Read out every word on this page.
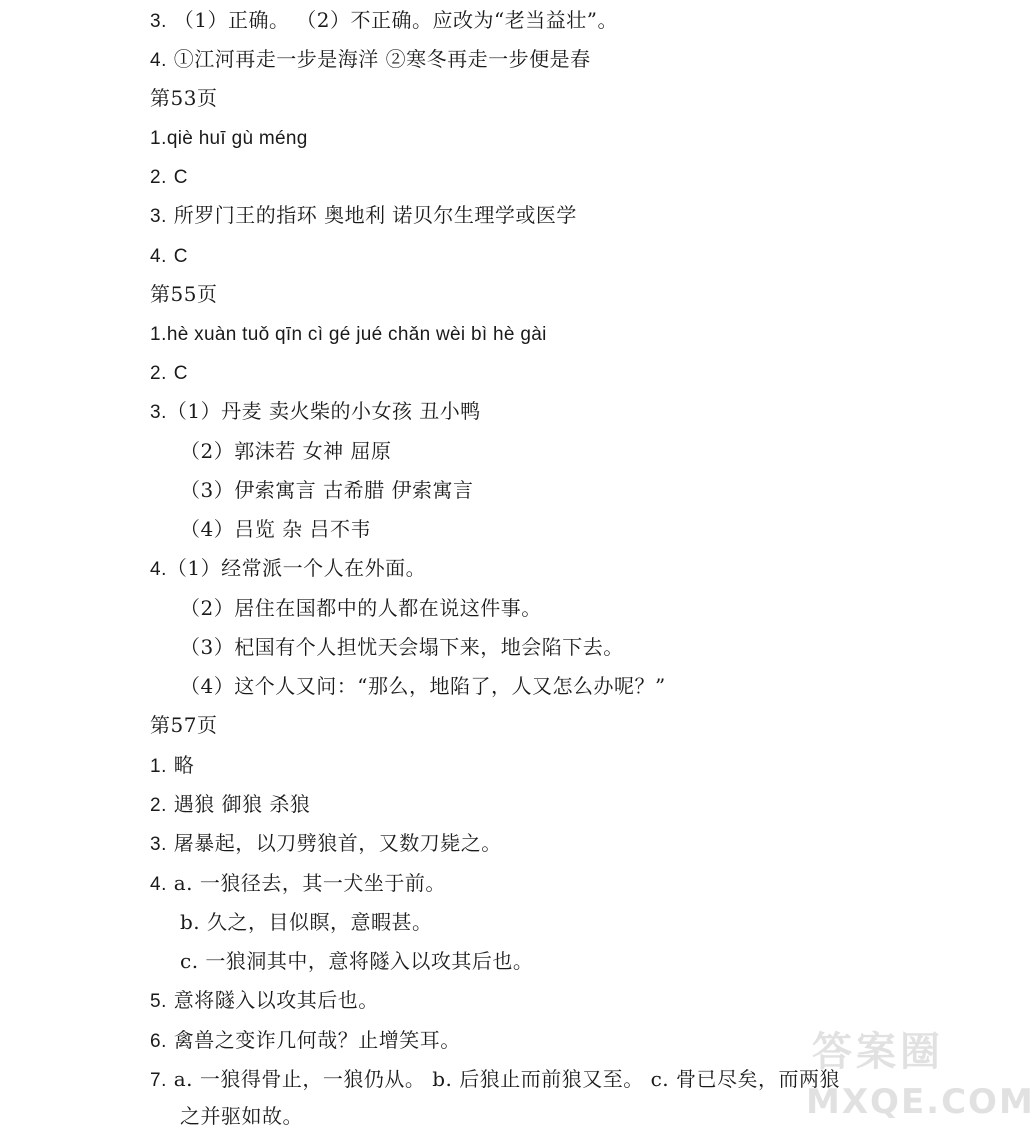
3. （1）正确。 （2）不正确。应改为“老当益壮”。
4. ①江河再走一步是海洋 ②寒冬再走一步便是春
第53页
1.qiè huī gù méng
2. C
3. 所罗门王的指环 奥地利 诺贝尔生理学或医学
4. C
第55页
1.hè xuàn tuǒ qīn cì gé jué chǎn wèi bì hè gài
2. C
3.（1）丹麦 卖火柴的小女孩 丑小鸭
（2）郭沫若 女神 屈原
（3）伊索寓言 古希腊 伊索寓言
（4）吕览 杂 吕不韦
4.（1）经常派一个人在外面。
（2）居住在国都中的人都在说这件事。
（3）杞国有个人担忧天会塌下来，地会陷下去。
（4）这个人又问：“那么，地陷了，人又怎么办呢？”
第57页
1. 略
2. 遇狼 御狼 杀狼
3. 屠暴起，以刀劈狼首，又数刀毙之。
4. a. 一狼径去，其一犬坐于前。
b. 久之，目似瞑，意暇甚。
c. 一狼洞其中，意将隧入以攻其后也。
5. 意将隧入以攻其后也。
6. 禽兽之变诈几何哉？止增笑耳。
7. a. 一狼得骨止，一狼仍从。 b. 后狼止而前狼又至。 c. 骨已尽矣，而两狼
之并驱如故。
答案圈
MXQE.COM
